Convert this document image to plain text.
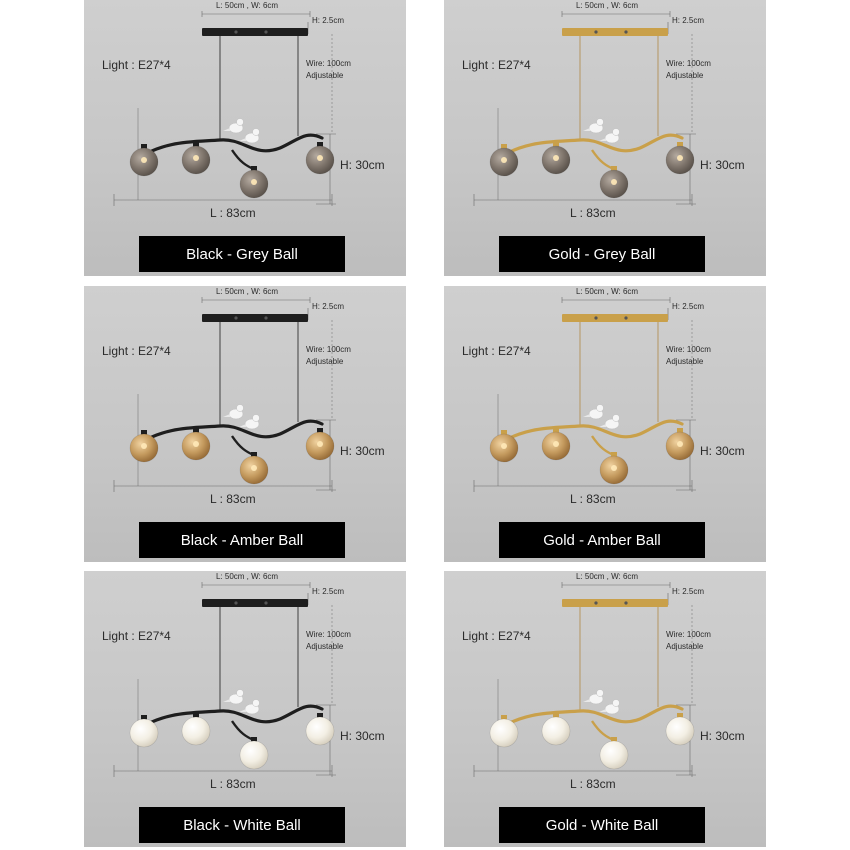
Light : E27*4
L: 50cm , W: 6cm
H: 2.5cm
Wire: 100cm
Adjustable
H: 30cm
L : 83cm
Black - Grey Ball
Light : E27*4
L: 50cm , W: 6cm
H: 2.5cm
Wire: 100cm
Adjustable
H: 30cm
L : 83cm
Gold - Grey Ball
Light : E27*4
L: 50cm , W: 6cm
H: 2.5cm
Wire: 100cm
Adjustable
H: 30cm
L : 83cm
Black - Amber Ball
Light : E27*4
L: 50cm , W: 6cm
H: 2.5cm
Wire: 100cm
Adjustable
H: 30cm
L : 83cm
Gold - Amber Ball
Light : E27*4
L: 50cm , W: 6cm
H: 2.5cm
Wire: 100cm
Adjustable
H: 30cm
L : 83cm
Black - White Ball
Light : E27*4
L: 50cm , W: 6cm
H: 2.5cm
Wire: 100cm
Adjustable
H: 30cm
L : 83cm
Gold - White Ball
